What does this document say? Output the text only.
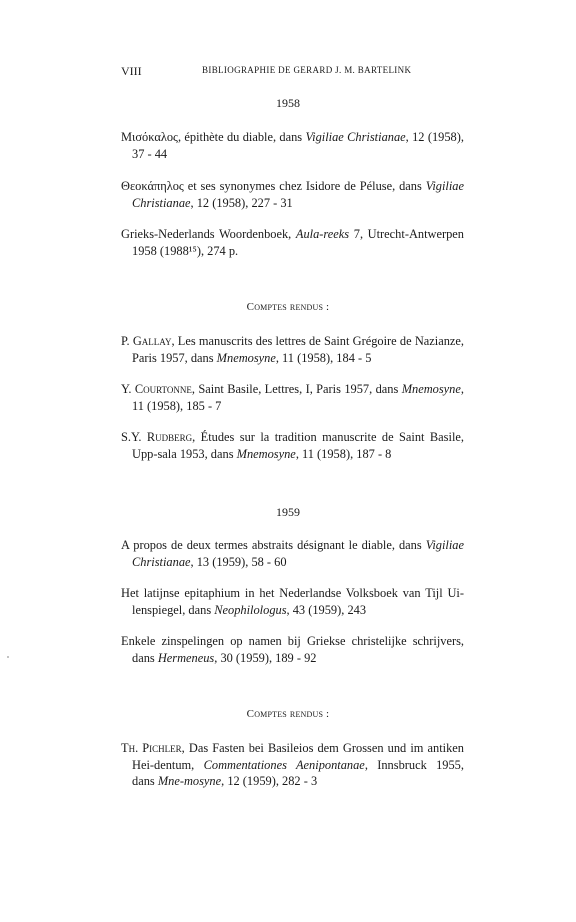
VIII	BIBLIOGRAPHIE DE GERARD J. M. BARTELINK
1958
Μισόκαλος, épithète du diable, dans Vigiliae Christianae, 12 (1958), 37 - 44
Θεοκάπηλος et ses synonymes chez Isidore de Péluse, dans Vigiliae Christianae, 12 (1958), 227 - 31
Grieks-Nederlands Woordenboek, Aula-reeks 7, Utrecht-Antwerpen 1958 (1988¹⁵), 274 p.
Comptes rendus :
P. Gallay, Les manuscrits des lettres de Saint Grégoire de Nazianze, Paris 1957, dans Mnemosyne, 11 (1958), 184 - 5
Y. Courtonne, Saint Basile, Lettres, I, Paris 1957, dans Mnemosyne, 11 (1958), 185 - 7
S.Y. Rudberg, Études sur la tradition manuscrite de Saint Basile, Upp-sala 1953, dans Mnemosyne, 11 (1958), 187 - 8
1959
A propos de deux termes abstraits désignant le diable, dans Vigiliae Christianae, 13 (1959), 58 - 60
Het latijnse epitaphium in het Nederlandse Volksboek van Tijl Ui-lenspiegel, dans Neophilologus, 43 (1959), 243
Enkele zinspelingen op namen bij Griekse christelijke schrijvers, dans Hermeneus, 30 (1959), 189 - 92
Comptes rendus :
Th. Pichler, Das Fasten bei Basileios dem Grossen und im antiken Hei-dentum, Commentationes Aenipontanae, Innsbruck 1955, dans Mne-mosyne, 12 (1959), 282 - 3
